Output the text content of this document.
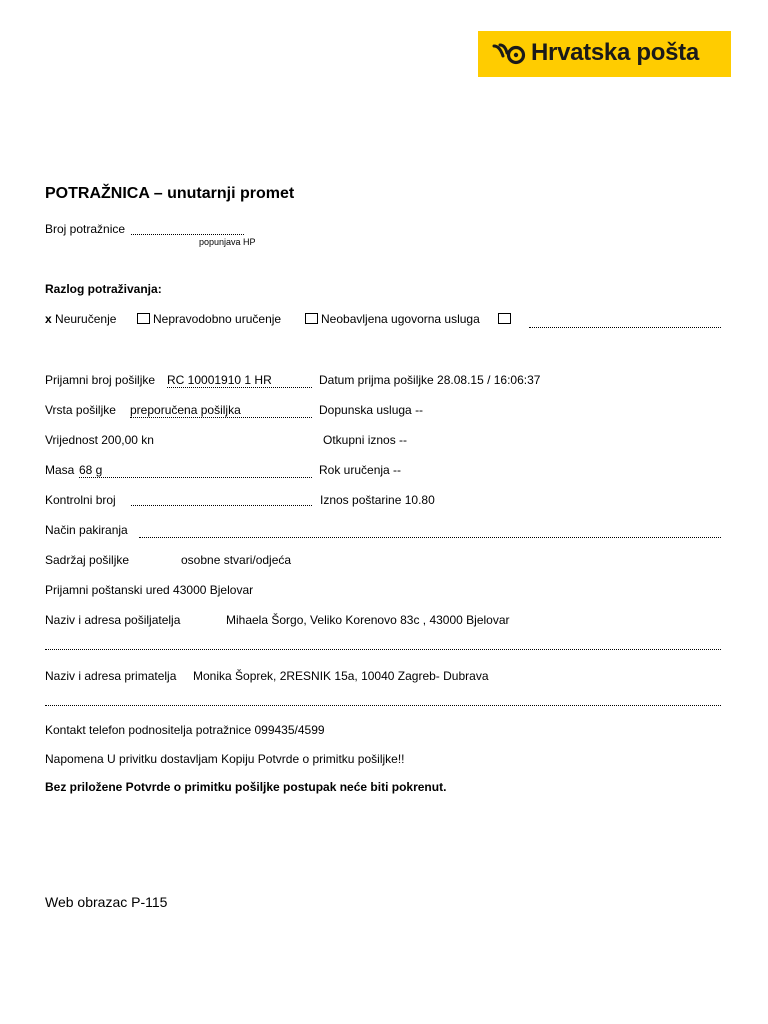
Hrvatska pošta
POTRAŽNICA – unutarnji promet
Broj potražnice
popunjava HP
Razlog potraživanja:
x Neuručenje	Nepravodobno uručenje	Neobavljena ugovorna usluga
Prijamni broj pošiljke RC 10001910 1 HR	Datum prijma pošiljke 28.08.15 / 16:06:37
Vrsta pošiljke preporučena pošiljka	Dopunska usluga --
Vrijednost 200,00 kn	Otkupni iznos --
Masa 68 g	Rok uručenja --
Kontrolni broj	Iznos poštarine 10.80
Način pakiranja
Sadržaj pošiljke	osobne stvari/odjeća
Prijamni poštanski ured 43000 Bjelovar
Naziv i adresa pošiljatelja	Mihaela Šorgo, Veliko Korenovo 83c , 43000 Bjelovar
Naziv i adresa primatelja Monika Šoprek, 2RESNIK 15a, 10040 Zagreb- Dubrava
Kontakt telefon podnositelja potražnice 099435/4599
Napomena U privitku dostavljam Kopiju Potvrde o primitku pošiljke!!
Bez priložene Potvrde o primitku pošiljke postupak neće biti pokrenut.
Web obrazac P-115
